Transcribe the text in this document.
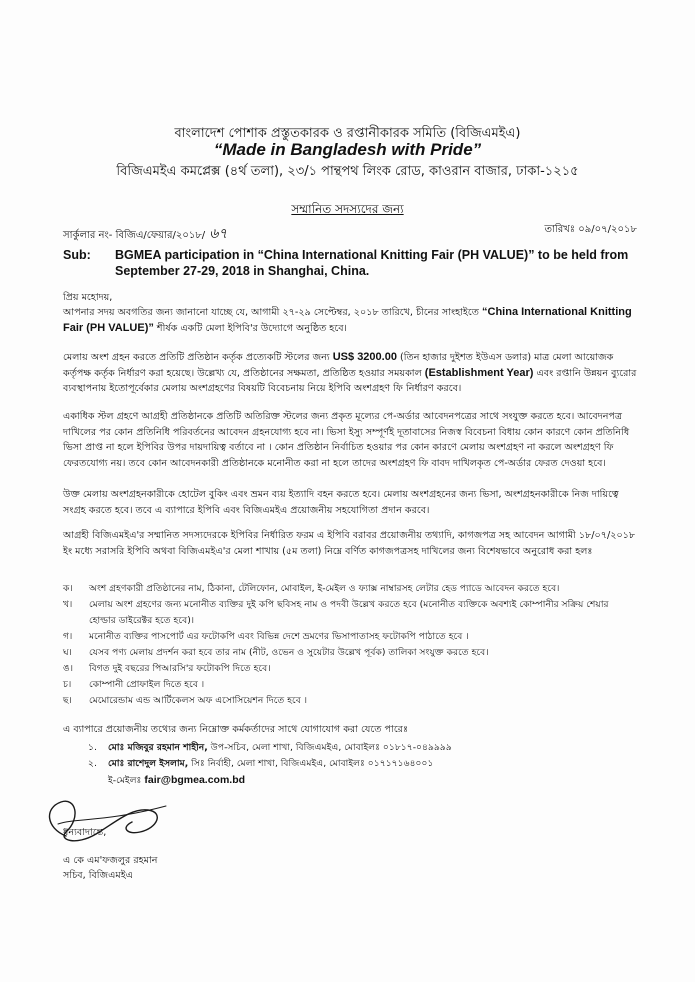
বাংলাদেশ পোশাক প্রস্তুতকারক ও রপ্তানীকারক সমিতি (বিজিএমইএ)
“Made in Bangladesh with Pride”
বিজিএমইএ কমপ্লেক্স (৪র্থ তলা), ২৩/১ পান্থপথ লিংক রোড, কাওরান বাজার, ঢাকা-১২১৫
সম্মানিত সদস্যদের জন্য
সার্কুলার নং- বিজিএ/ফেয়ার/২০১৮/ ৬৭	তারিখঃ ০৯/০৭/২০১৮
Sub: BGMEA participation in “China International Knitting Fair (PH VALUE)” to be held from September 27-29, 2018 in Shanghai, China.
প্রিয় মহোদয়,
আপনার সদয় অবগতির জন্য জানানো যাচ্ছে যে, আগামী ২৭-২৯ সেপ্টেম্বর, ২০১৮ তারিখে, চীনের সাংহাইতে “China International Knitting Fair (PH VALUE)” শীর্ষক একটি মেলা ইপিবি'র উদ্যোগে অনুষ্ঠিত হবে।
মেলায় অংশ গ্রহন করতে প্রতিটি প্রতিষ্ঠান কর্তৃক প্রত্যেকটি স্টলের জন্য US$ 3200.00 (তিন হাজার দুইশত ইউএস ডলার) মাত্র মেলা আয়োজক কর্তৃপক্ষ কর্তৃক নির্ধারণ করা হয়েছে। উল্লেখ্য যে, প্রতিষ্ঠানের সক্ষমতা, প্রতিষ্ঠিত হওয়ার সময়কাল (Establishment Year) এবং রপ্তানি উন্নয়ন ব্যুরোর ব্যবস্থাপনায় ইতোপূর্বেকার মেলায় অংশগ্রহণের বিষয়টি বিবেচনায় নিয়ে ইপিবি অংশগ্রহণ ফি নির্ধারণ করবে।
একাধিক স্টল গ্রহণে আগ্রহী প্রতিষ্ঠানকে প্রতিটি অতিরিক্ত স্টলের জন্য প্রকৃত মূল্যের পে-অর্ডার আবেদনপত্রের সাথে সংযুক্ত করতে হবে। আবেদনপত্র দাখিলের পর কোন প্রতিনিধি পরিবর্তনের আবেদন গ্রহনযোগ্য হবে না। ভিসা ইস্যু সম্পূর্ণই দূতাবাসের নিজস্ব বিবেচনা বিধায় কোন কারণে কোন প্রতিনিধি ভিসা প্রাপ্ত না হলে ইপিবির উপর দায়দায়িত্ব বর্তাবে না । কোন প্রতিষ্ঠান নির্বাচিত হওয়ার পর কোন কারণে মেলায় অংশগ্রহণ না করলে অংশগ্রহণ ফি ফেরতযোগ্য নয়। তবে কোন আবেদনকারী প্রতিষ্ঠানকে মনোনীত করা না হলে তাদের অংশগ্রহণ ফি বাবদ দাখিলকৃত পে-অর্ডার ফেরত দেওয়া হবে।
উক্ত মেলায় অংশগ্রহনকারীকে হোটেল বুকিং এবং ভ্রমন ব্যয় ইত্যাদি বহন করতে হবে। মেলায় অংশগ্রহনের জন্য ভিসা, অংশগ্রহনকারীকে নিজ দায়িত্বে সংগ্রহ করতে হবে। তবে এ ব্যাপারে ইপিবি এবং বিজিএমইএ প্রয়োজনীয় সহযোগিতা প্রদান করবে।
আগ্রহী বিজিএমইএ'র সম্মানিত সদস্যদেরকে ইপিবির নির্ধারিত ফরম এ ইপিবি বরাবর প্রয়োজনীয় তথ্যাদি, কাগজপত্র সহ আবেদন আগামী ১৮/০৭/২০১৮ ইং মধ্যে সরাসরি ইপিবি অথবা বিজিএমইএ'র মেলা শাখায় (৫ম তলা) নিম্নে বর্ণিত কাগজপত্রসহ দাখিলের জন্য বিশেষভাবে অনুরোধ করা হলঃ
ক।	অংশ গ্রহণকারী প্রতিষ্ঠানের নাম, ঠিকানা, টেলিফোন, মোবাইল, ই-মেইল ও ফ্যাক্স নাম্বারসহ লেটার হেড প্যাডে আবেদন করতে হবে।
খ।	মেলায় অংশ গ্রহণের জন্য মনোনীত ব্যক্তির দুই কপি ছবিসহ নাম ও পদবী উল্লেখ করতে হবে (মনোনীত ব্যক্তিকে অবশ্যই কোম্পানীর সক্রিয় শেয়ার হোল্ডার ডাইরেক্টর হতে হবে)।
গ।	মনোনীত ব্যক্তির পাসপোর্ট এর ফটোকপি এবং বিভিন্ন দেশে ভ্রমণের ভিসাপাতাসহ ফটোকপি পাঠাতে হবে ।
ঘ।	যেসব পণ্য মেলায় প্রদর্শন করা হবে তার নাম (নীট, ওভেন ও সুয়েটার উল্লেখ পূর্বক) তালিকা সংযুক্ত করতে হবে।
ঙ।	বিগত দুই বছরের পিআরসি'র ফটোকপি দিতে হবে।
চ।	কোম্পানী প্রোফাইল দিতে হবে ।
ছ।	মেমোরেন্ডাম এন্ড আর্টিকেলস অফ এসোসিয়েশন দিতে হবে ।
এ ব্যাপারে প্রয়োজনীয় তথ্যের জন্য নিম্নোক্ত কর্মকর্তাদের সাথে যোগাযোগ করা যেতে পারেঃ
১.	মোঃ মজিবুর রহমান শাহীন, উপ-সচিব, মেলা শাখা, বিজিএমইএ, মোবাইলঃ ০১৮১৭-০৪৯৯৯৯
২.	মোঃ রাশেদুল ইসলাম, সিঃ নির্বাহী, মেলা শাখা, বিজিএমইএ, মোবাইলঃ ০১৭১৭১৬৪০০১
ই-মেইলঃ fair@bgmea.com.bd
ধন্যবাদান্তে,
এ কে এম'ফজলুর রহমান
সচিব, বিজিএমইএ
